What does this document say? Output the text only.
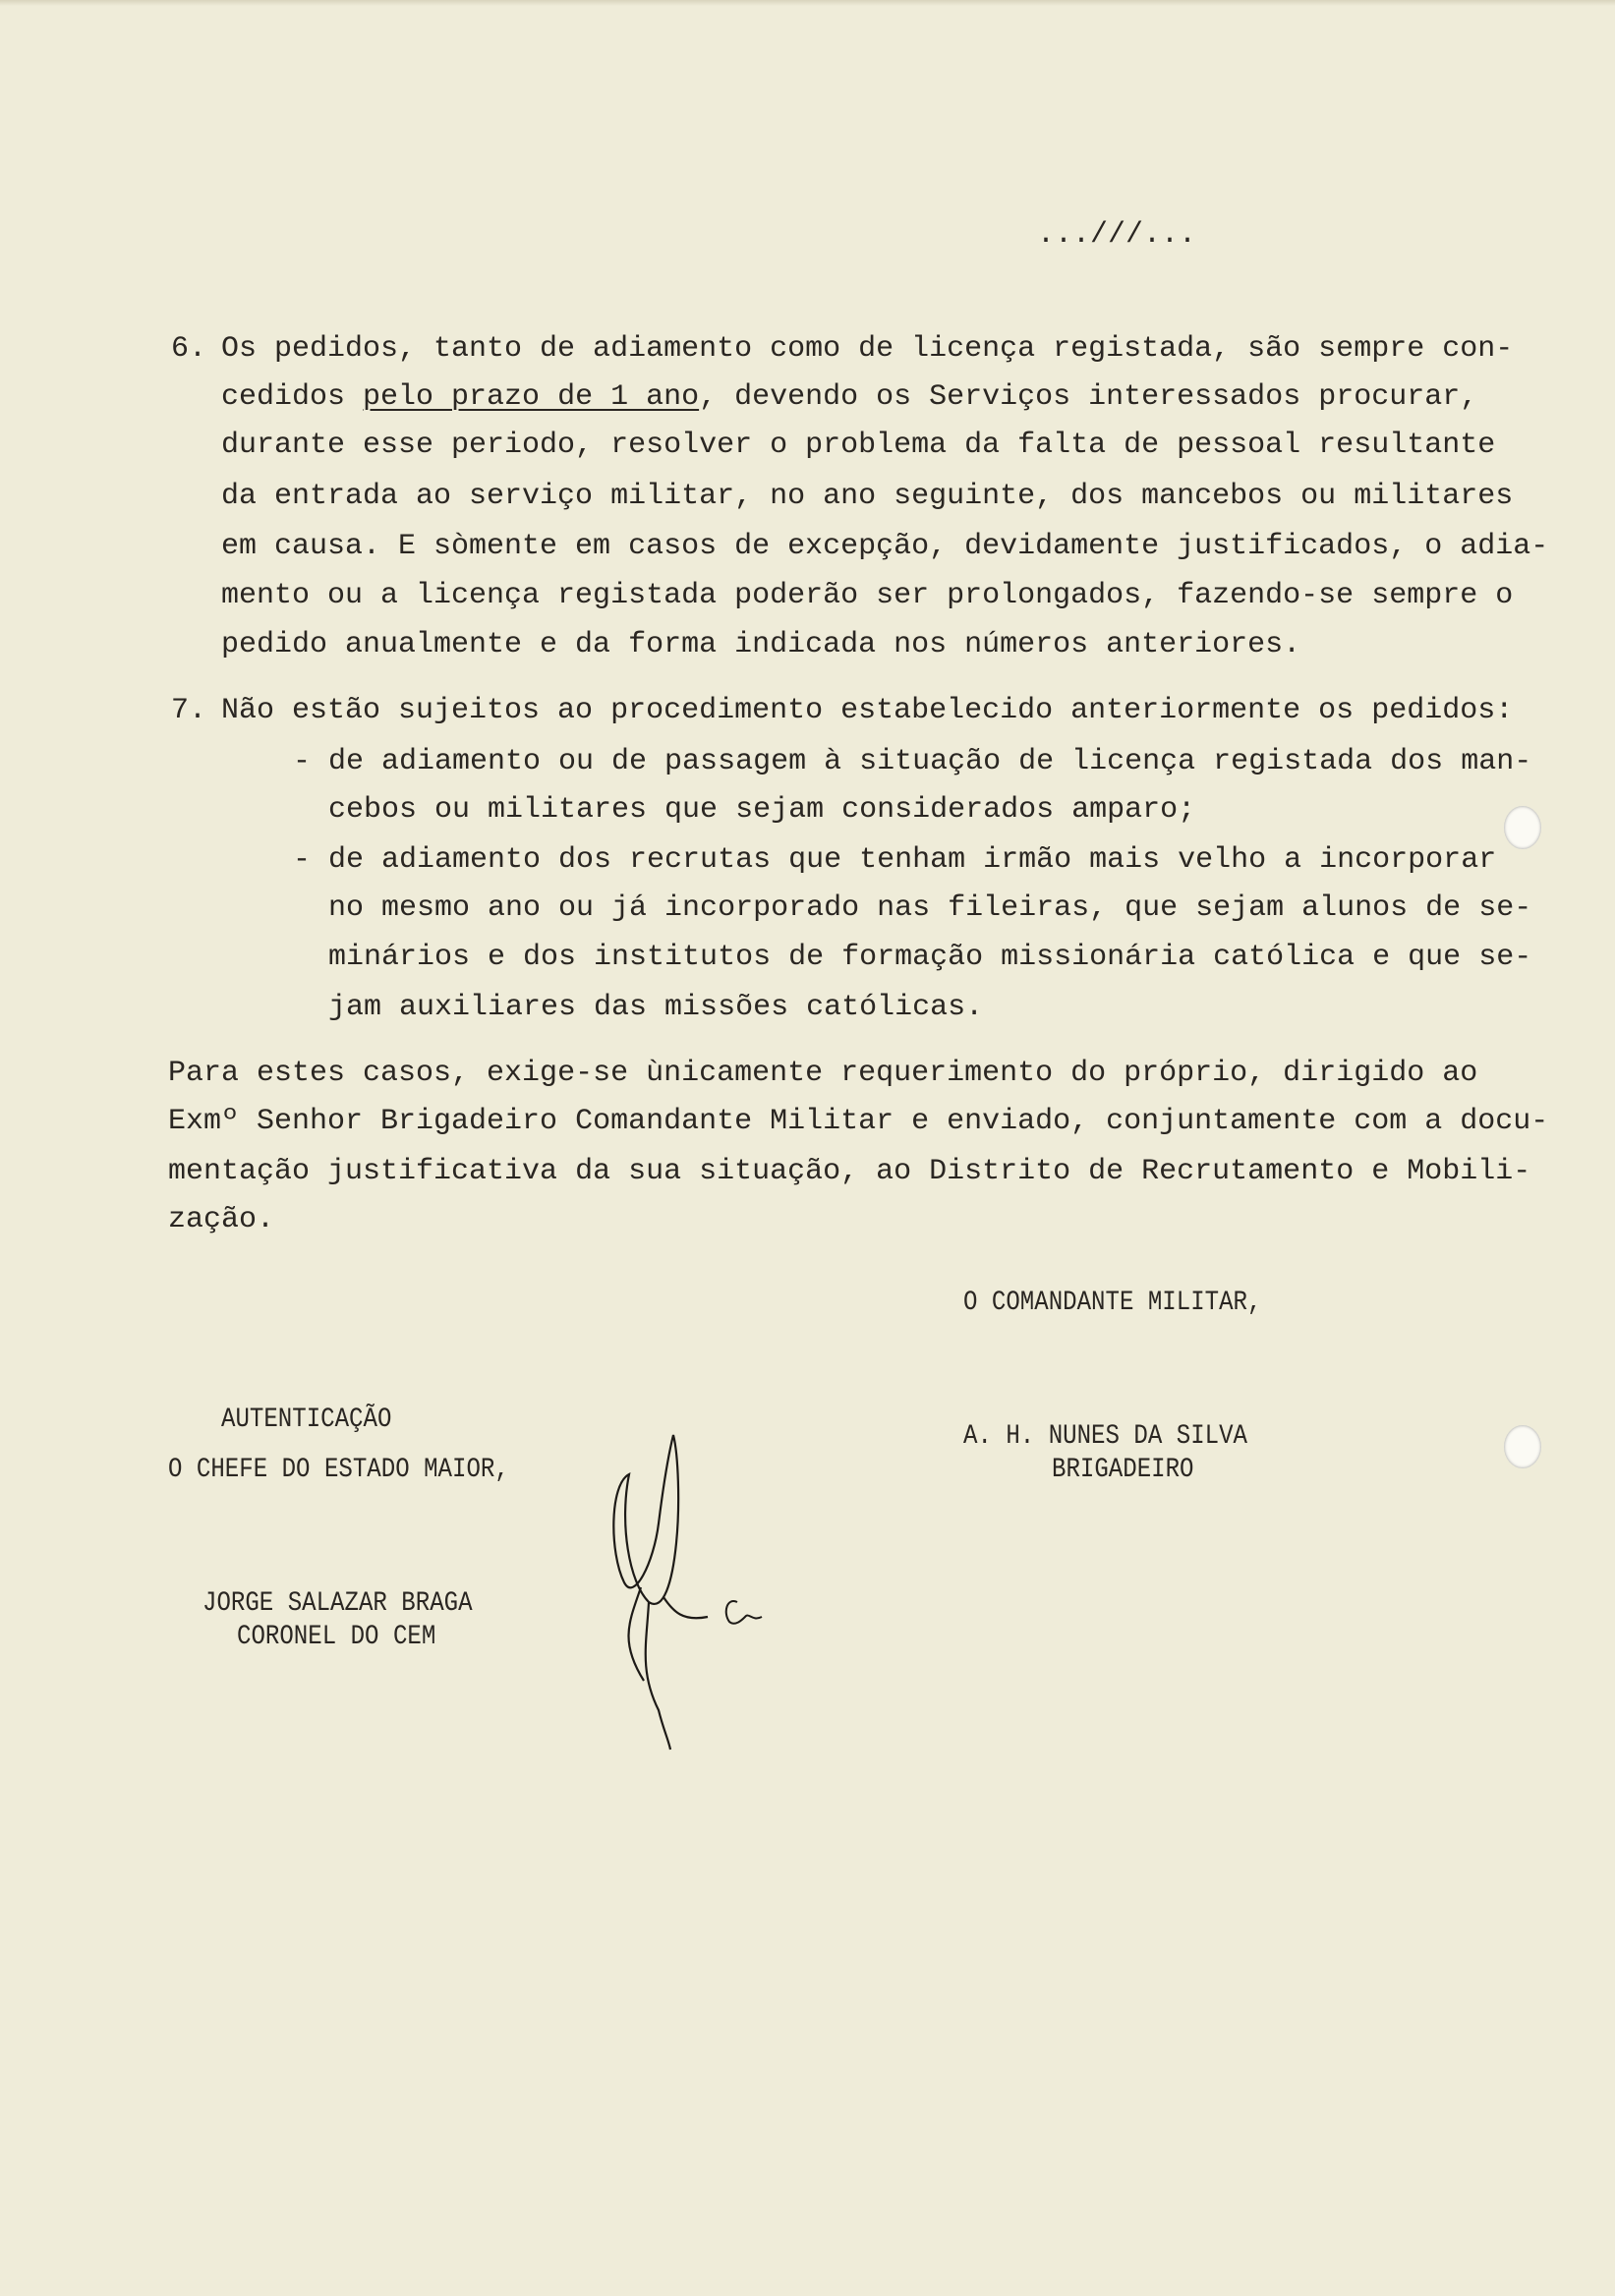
...///...
6. Os pedidos, tanto de adiamento como de licença registada, são sempre con-
cedidos pelo prazo de 1 ano, devendo os Serviços interessados procurar,
durante esse periodo, resolver o problema da falta de pessoal resultante
da entrada ao serviço militar, no ano seguinte, dos mancebos ou militares
em causa. E sòmente em casos de excepção, devidamente justificados, o adia-
mento ou a licença registada poderão ser prolongados, fazendo-se sempre o
pedido anualmente e da forma indicada nos números anteriores.
7. Não estão sujeitos ao procedimento estabelecido anteriormente os pedidos:
- de adiamento ou de passagem à situação de licença registada dos man-
cebos ou militares que sejam considerados amparo;
- de adiamento dos recrutas que tenham irmão mais velho a incorporar
no mesmo ano ou já incorporado nas fileiras, que sejam alunos de se-
minários e dos institutos de formação missionária católica e que se-
jam auxiliares das missões católicas.
Para estes casos, exige-se ùnicamente requerimento do próprio, dirigido ao
Exmº Senhor Brigadeiro Comandante Militar e enviado, conjuntamente com a docu-
mentação justificativa da sua situação, ao Distrito de Recrutamento e Mobili-
zação.
O COMANDANTE MILITAR,
AUTENTICAÇÃO
O CHEFE DO ESTADO MAIOR,
A. H. NUNES DA SILVA
BRIGADEIRO
JORGE SALAZAR BRAGA
CORONEL DO CEM
